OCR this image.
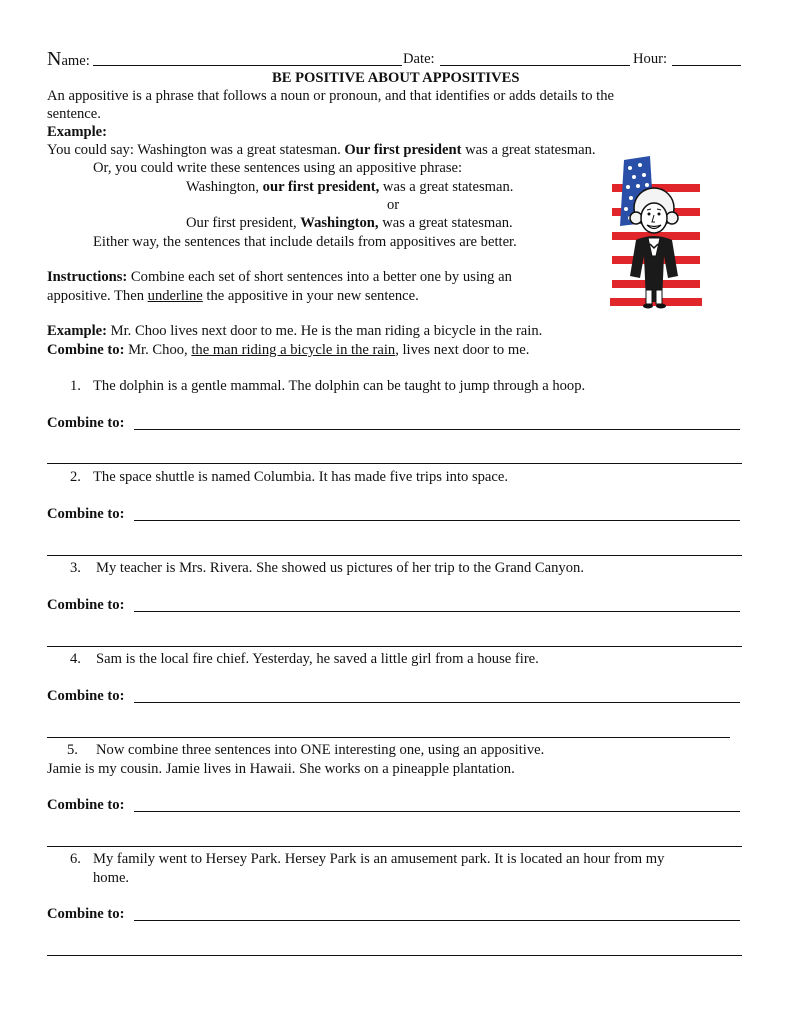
Name:	Date:	Hour:
BE POSITIVE ABOUT APPOSITIVES
An appositive is a phrase that follows a noun or pronoun, and that identifies or adds details to the
sentence.
Example:
You could say: Washington was a great statesman. Our first president was a great statesman.
Or, you could write these sentences using an appositive phrase:
Washington, our first president, was a great statesman.
or
Our first president, Washington, was a great statesman.
Either way, the sentences that include details from appositives are better.
Instructions: Combine each set of short sentences into a better one by using an
appositive. Then underline the appositive in your new sentence.
Example: Mr. Choo lives next door to me. He is the man riding a bicycle in the rain.
Combine to: Mr. Choo, the man riding a bicycle in the rain, lives next door to me.
1. The dolphin is a gentle mammal. The dolphin can be taught to jump through a hoop.
Combine to:
2. The space shuttle is named Columbia. It has made five trips into space.
Combine to:
3. My teacher is Mrs. Rivera. She showed us pictures of her trip to the Grand Canyon.
Combine to:
4. Sam is the local fire chief. Yesterday, he saved a little girl from a house fire.
Combine to:
5. Now combine three sentences into ONE interesting one, using an appositive.
Jamie is my cousin. Jamie lives in Hawaii. She works on a pineapple plantation.
Combine to:
6. My family went to Hersey Park. Hersey Park is an amusement park. It is located an hour from my
home.
Combine to:
